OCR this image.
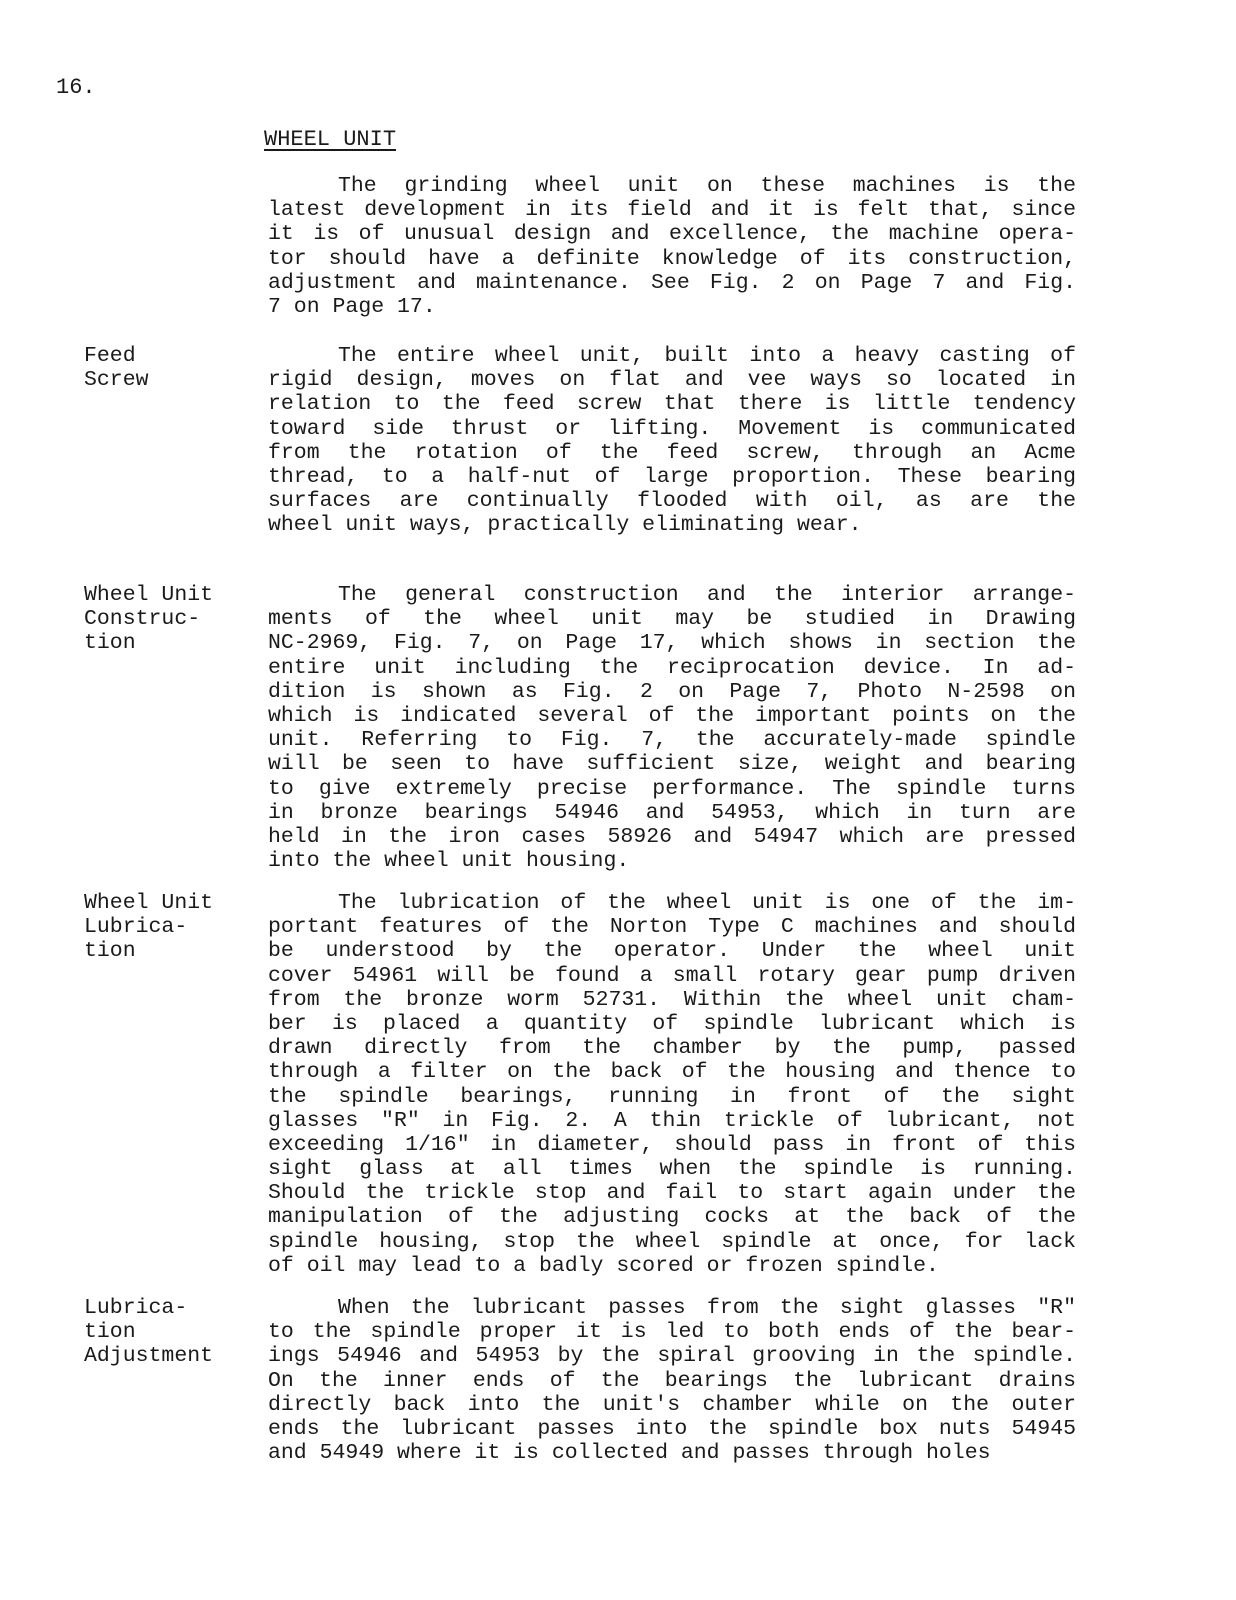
16.
WHEEL UNIT
The grinding wheel unit on these machines is the
latest development in its field and it is felt that, since
it is of unusual design and excellence, the machine opera-
tor should have a definite knowledge of its construction,
adjustment and maintenance. See Fig. 2 on Page 7 and Fig.
7 on Page 17.
Feed
Screw
The entire wheel unit, built into a heavy casting of
rigid design, moves on flat and vee ways so located in
relation to the feed screw that there is little tendency
toward side thrust or lifting. Movement is communicated
from the rotation of the feed screw, through an Acme
thread, to a half-nut of large proportion. These bearing
surfaces are continually flooded with oil, as are the
wheel unit ways, practically eliminating wear.
Wheel Unit
Construc-
tion
The general construction and the interior arrange-
ments of the wheel unit may be studied in Drawing
NC-2969, Fig. 7, on Page 17, which shows in section the
entire unit including the reciprocation device. In ad-
dition is shown as Fig. 2 on Page 7, Photo N-2598 on
which is indicated several of the important points on the
unit. Referring to Fig. 7, the accurately-made spindle
will be seen to have sufficient size, weight and bearing
to give extremely precise performance. The spindle turns
in bronze bearings 54946 and 54953, which in turn are
held in the iron cases 58926 and 54947 which are pressed
into the wheel unit housing.
Wheel Unit
Lubrica-
tion
The lubrication of the wheel unit is one of the im-
portant features of the Norton Type C machines and should
be understood by the operator. Under the wheel unit
cover 54961 will be found a small rotary gear pump driven
from the bronze worm 52731. Within the wheel unit cham-
ber is placed a quantity of spindle lubricant which is
drawn directly from the chamber by the pump, passed
through a filter on the back of the housing and thence to
the spindle bearings, running in front of the sight
glasses "R" in Fig. 2. A thin trickle of lubricant, not
exceeding 1/16" in diameter, should pass in front of this
sight glass at all times when the spindle is running.
Should the trickle stop and fail to start again under the
manipulation of the adjusting cocks at the back of the
spindle housing, stop the wheel spindle at once, for lack
of oil may lead to a badly scored or frozen spindle.
Lubrica-
tion
Adjustment
When the lubricant passes from the sight glasses "R"
to the spindle proper it is led to both ends of the bear-
ings 54946 and 54953 by the spiral grooving in the spindle.
On the inner ends of the bearings the lubricant drains
directly back into the unit's chamber while on the outer
ends the lubricant passes into the spindle box nuts 54945
and 54949 where it is collected and passes through holes
